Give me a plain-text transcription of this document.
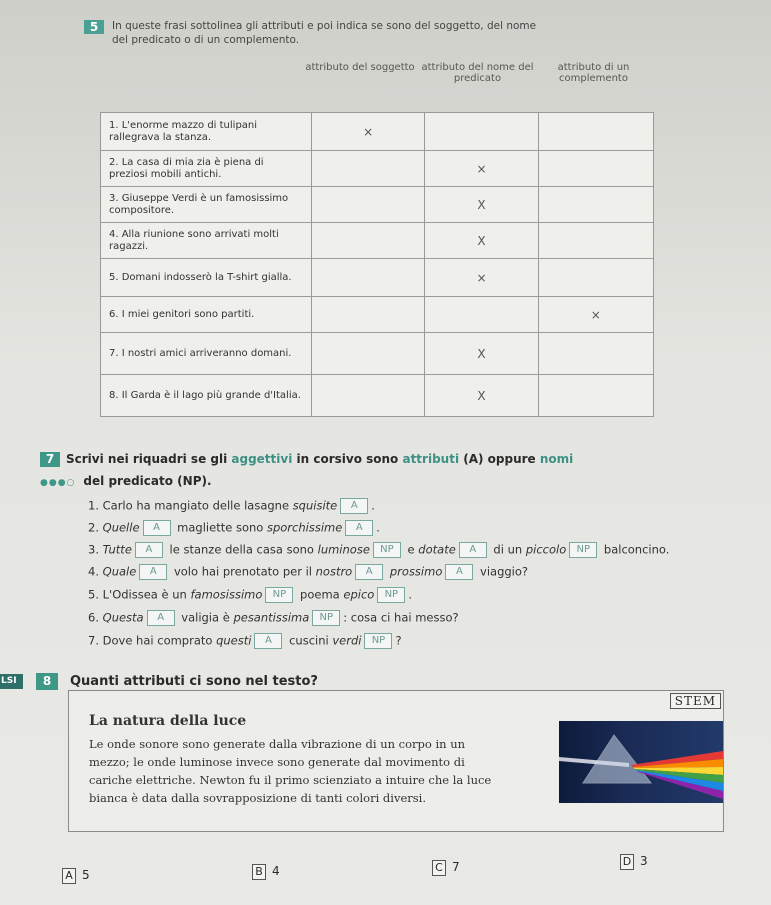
5	In queste frasi sottolinea gli attributi e poi indica se sono del soggetto, del nome
del predicato o di un complemento.
attributo del soggetto attributo del nome del predicato
attributo di un complemento
1. L'enorme mazzo di tulipani rallegrava la stanza.	×		
2. La casa di mia zia è piena di preziosi mobili antichi.		×	
3. Giuseppe Verdi è un famosissimo compositore.		X	
4. Alla riunione sono arrivati molti ragazzi.		X	
5. Domani indosserò la T-shirt gialla.		×	
6. I miei genitori sono partiti.			×
7. I nostri amici arriveranno domani.		X	
8. Il Garda è il lago più grande d'Italia.		X	
7 Scrivi nei riquadri se gli aggettivi in corsivo sono attributi (A) oppure nomi
●●●○ del predicato (NP).
1. Carlo ha mangiato delle lasagne squisite A .
2. Quelle A magliette sono sporchissime A .
3. Tutte A le stanze della casa sono luminose NP e dotate A di un piccolo NP balconcino.
4. Quale A volo hai prenotato per il nostro A prossimo A viaggio?
5. L'Odissea è un famosissimo NP poema epico NP .
6. Questa A valigia è pesantissima NP : cosa ci hai messo?
7. Dove hai comprato questi A cuscini verdi NP ?
LSI	8	Quanti attributi ci sono nel testo?
STEM
La natura della luce
Le onde sonore sono generate dalla vibrazione di un corpo in un
mezzo; le onde luminose invece sono generate dal movimento di
cariche elettriche. Newton fu il primo scienziato a intuire che la luce
bianca è data dalla sovrapposizione di tanti colori diversi.
A 5	B 4	C 7	D 3
